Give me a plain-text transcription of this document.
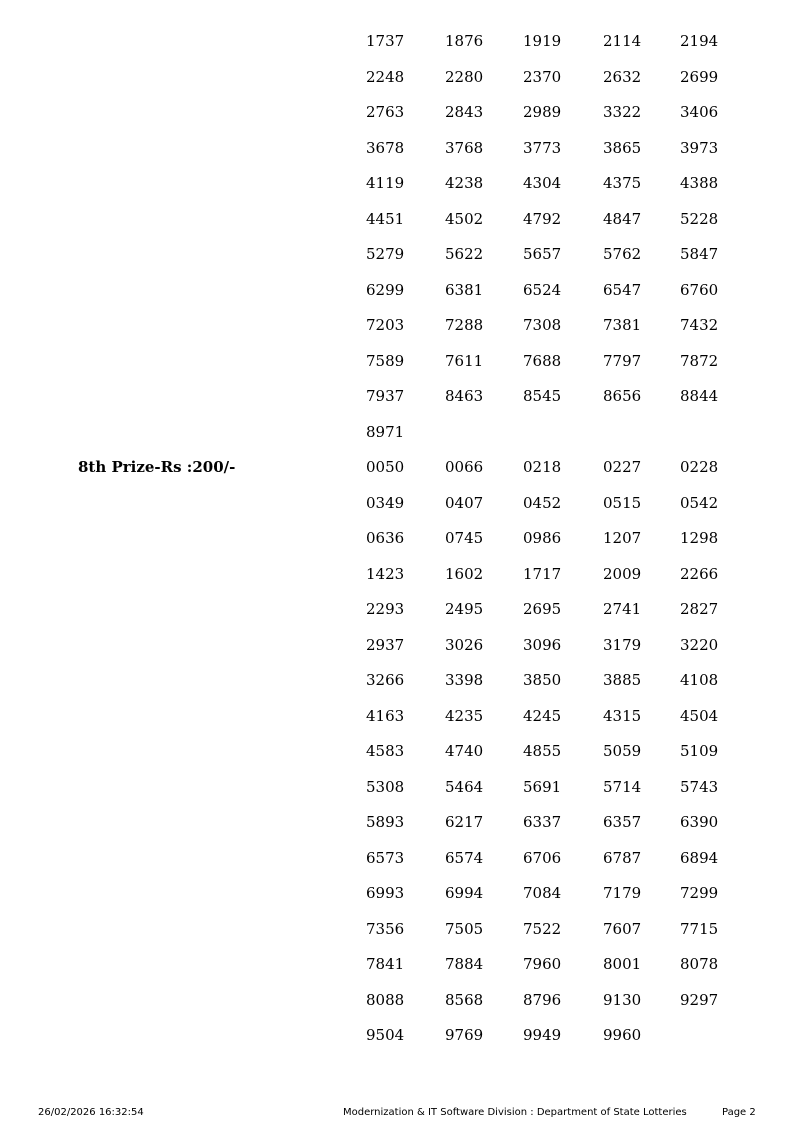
1737	1876	1919	2114	2194
2248	2280	2370	2632	2699
2763	2843	2989	3322	3406
3678	3768	3773	3865	3973
4119	4238	4304	4375	4388
4451	4502	4792	4847	5228
5279	5622	5657	5762	5847
6299	6381	6524	6547	6760
7203	7288	7308	7381	7432
7589	7611	7688	7797	7872
7937	8463	8545	8656	8844
8971
8th Prize-Rs :200/-	0050	0066	0218	0227	0228
0349	0407	0452	0515	0542
0636	0745	0986	1207	1298
1423	1602	1717	2009	2266
2293	2495	2695	2741	2827
2937	3026	3096	3179	3220
3266	3398	3850	3885	4108
4163	4235	4245	4315	4504
4583	4740	4855	5059	5109
5308	5464	5691	5714	5743
5893	6217	6337	6357	6390
6573	6574	6706	6787	6894
6993	6994	7084	7179	7299
7356	7505	7522	7607	7715
7841	7884	7960	8001	8078
8088	8568	8796	9130	9297
9504	9769	9949	9960
26/02/2026 16:32:54	Modernization & IT Software Division : Department of State Lotteries	Page 2
